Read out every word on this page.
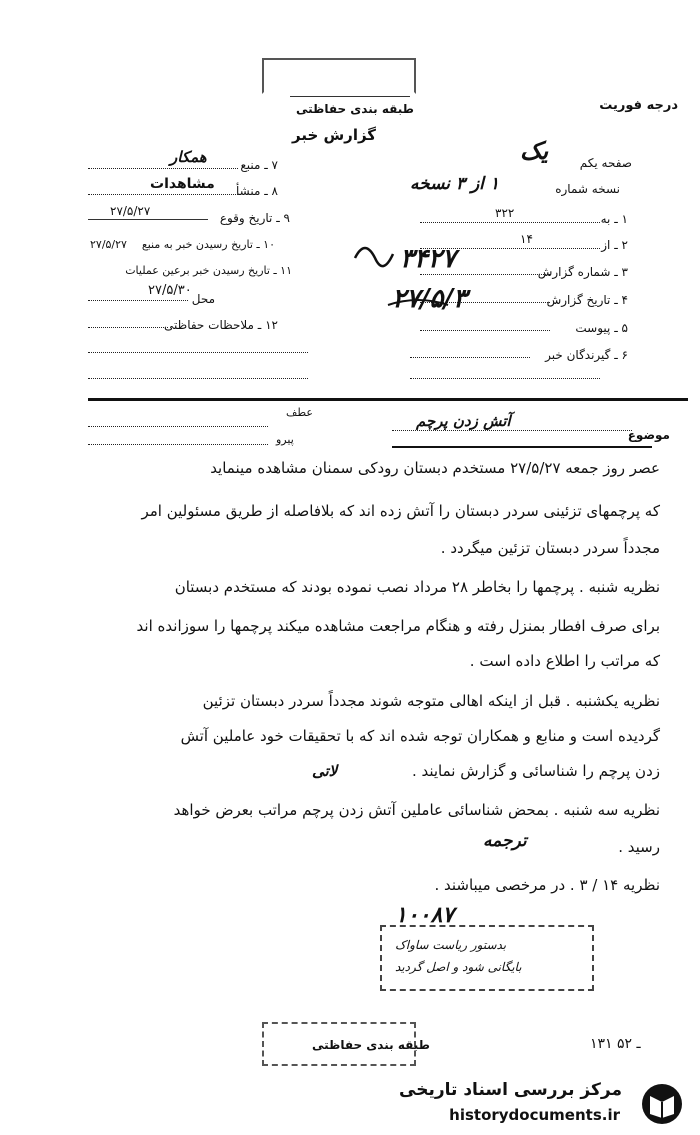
درجه فوریت
طبقه بندی حفاظتی
گزارش خبر
صفحه یکم
یک
نسخه شماره
۱ از ۳ نسخه
۱ ـ به
۳۲۲
۲ ـ از
۱۴
۳ ـ شماره گزارش
۳۴۲۷
۴ ـ تاریخ گزارش
۲۷/۵/۳
۵ ـ پیوست
۶ ـ گیرندگان خبر
۷ ـ منبع
همکار
۸ ـ منشأ
مشاهدات
۹ ـ تاریخ وقوع
۲۷/۵/۲۷
۱۰ ـ تاریخ رسیدن خبر به منبع
۲۷/۵/۲۷
۱۱ ـ تاریخ رسیدن خبر برعین عملیات
محل
۲۷/۵/۳۰
۱۲ ـ ملاحظات حفاظتی
موضوع
آتش زدن پرچم
عطف
پیرو
عصر روز جمعه ۲۷/۵/۲۷ مستخدم دبستان رودکی سمنان مشاهده مینماید
که پرچمهای تزئینی سردر دبستان را آتش زده اند که بلافاصله از طریق مسئولین امر
مجدداً سردر دبستان تزئین میگردد .
نظریه شنبه . پرچمها را بخاطر ۲۸ مرداد نصب نموده بودند که مستخدم دبستان
برای صرف افطار بمنزل رفته و هنگام مراجعت مشاهده میکند پرچمها را سوزانده اند
که مراتب را اطلاع داده است .
نظریه یکشنبه . قبل از اینکه اهالی متوجه شوند مجدداً سردر دبستان تزئین
گردیده است و منابع و همکاران توجه شده اند که با تحقیقات خود عاملین آتش
زدن پرچم را شناسائی و گزارش نمایند .
نظریه سه شنبه . بمحض شناسائی عاملین آتش زدن پرچم مراتب بعرض خواهد
رسید .
نظریه ۱۴ / ۳ . در مرخصی میباشند .
لاتی
ترجمه
۱۰۰۸۷
بدستور ریاست ساواک
بایگانی شود و اصل گردید
طبقه بندی حفاظتی	۱۳۱ ـ ۵۲
مرکز بررسی اسناد تاریخی
historydocuments.ir
